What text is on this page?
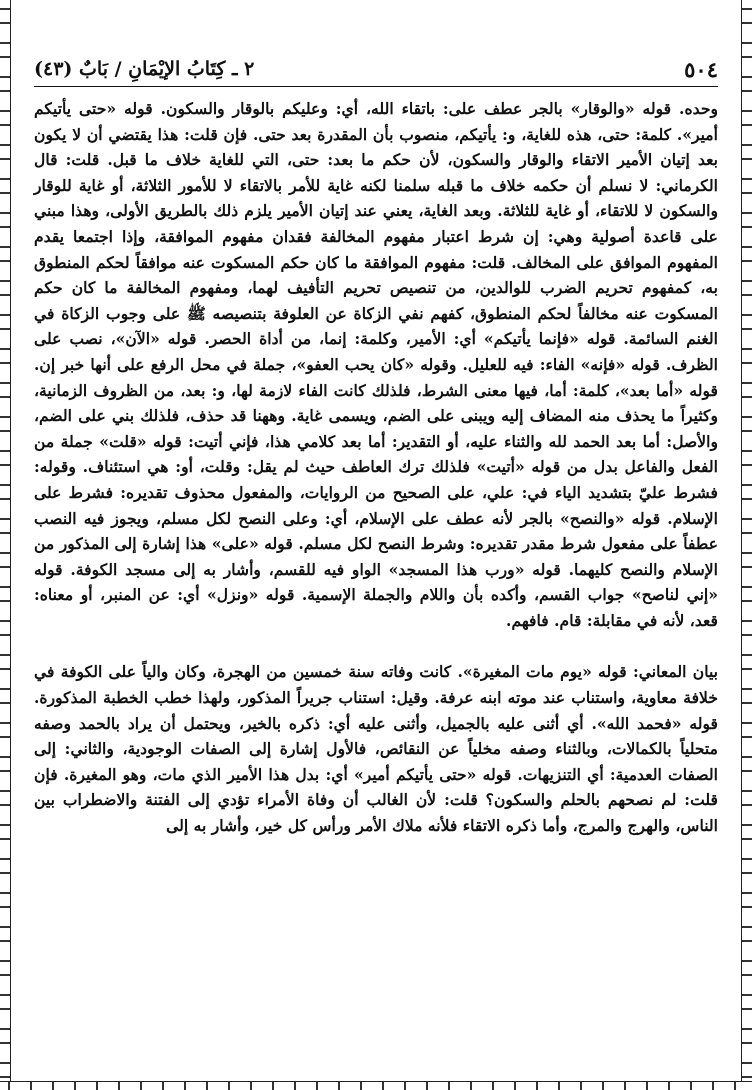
٥٠٤
٢ ـ كِتَابُ الإيْمَانِ / بَابٌ (٤٣)

وحده. قوله «والوقار» بالجر عطف على: باتقاء الله، أي: وعليكم بالوقار والسكون. قوله «حتى يأتيكم أمير». كلمة: حتى، هذه للغاية، و: يأتيكم، منصوب بأن المقدرة بعد حتى. فإن قلت: هذا يقتضي أن لا يكون بعد إتيان الأمير الاتقاء والوقار والسكون، لأن حكم ما بعد: حتى، التي للغاية خلاف ما قبل. قلت: قال الكرماني: لا نسلم أن حكمه خلاف ما قبله سلمنا لكنه غاية للأمر بالاتقاء لا للأمور الثلاثة، أو غاية للوقار والسكون لا للاتقاء، أو غاية للثلاثة. وبعد الغاية، يعني عند إتيان الأمير يلزم ذلك بالطريق الأولى، وهذا مبني على قاعدة أصولية وهي: إن شرط اعتبار مفهوم المخالفة فقدان مفهوم الموافقة، وإذا اجتمعا يقدم المفهوم الموافق على المخالف. قلت: مفهوم الموافقة ما كان حكم المسكوت عنه موافقاً لحكم المنطوق به، كمفهوم تحريم الضرب للوالدين، من تنصيص تحريم التأفيف لهما، ومفهوم المخالفة ما كان حكم المسكوت عنه مخالفاً لحكم المنطوق، كفهم نفي الزكاة عن العلوفة بتنصيصه ﷺ على وجوب الزكاة في الغنم السائمة. قوله «فإنما يأتيكم» أي: الأمير، وكلمة: إنما، من أداة الحصر. قوله «الآن»، نصب على الظرف. قوله «فإنه» الفاء: فيه للعليل. وقوله «كان يحب العفو»، جملة في محل الرفع على أنها خبر إن. قوله «أما بعد»، كلمة: أما، فيها معنى الشرط، فلذلك كانت الفاء لازمة لها، و: بعد، من الظروف الزمانية، وكثيراً ما يحذف منه المضاف إليه ويبنى على الضم، ويسمى غاية. وههنا قد حذف، فلذلك بني على الضم، والأصل: أما بعد الحمد لله والثناء عليه، أو التقدير: أما بعد كلامي هذا، فإني أتيت: قوله «قلت» جملة من الفعل والفاعل بدل من قوله «أتيت» فلذلك ترك العاطف حيث لم يقل: وقلت، أو: هي استئناف. وقوله: فشرط عليّ بتشديد الياء في: علي، على الصحيح من الروايات، والمفعول محذوف تقديره: فشرط على الإسلام. قوله «والنصح» بالجر لأنه عطف على الإسلام، أي: وعلى النصح لكل مسلم، ويجوز فيه النصب عطفاً على مفعول شرط مقدر تقديره: وشرط النصح لكل مسلم. قوله «على» هذا إشارة إلى المذكور من الإسلام والنصح كليهما. قوله «ورب هذا المسجد» الواو فيه للقسم، وأشار به إلى مسجد الكوفة. قوله «إني لناصح» جواب القسم، وأكده بأن واللام والجملة الإسمية. قوله «ونزل» أي: عن المنبر، أو معناه: قعد، لأنه في مقابلة: قام. فافهم.

بيان المعاني: قوله «يوم مات المغيرة». كانت وفاته سنة خمسين من الهجرة، وكان والياً على الكوفة في خلافة معاوية، واستناب عند موته ابنه عرفة. وقيل: استناب جريراً المذكور، ولهذا خطب الخطبة المذكورة. قوله «فحمد الله». أي أثنى عليه بالجميل، وأثنى عليه أي: ذكره بالخير، ويحتمل أن يراد بالحمد وصفه متحلياً بالكمالات، وبالثناء وصفه مخلياً عن النقائص، فالأول إشارة إلى الصفات الوجودية، والثاني: إلى الصفات العدمية: أي التنزيهات. قوله «حتى يأتيكم أمير» أي: بدل هذا الأمير الذي مات، وهو المغيرة. فإن قلت: لم نصحهم بالحلم والسكون؟ قلت: لأن الغالب أن وفاة الأمراء تؤدي إلى الفتنة والاضطراب بين الناس، والهرج والمرج، وأما ذكره الاتقاء فلأنه ملاك الأمر ورأس كل خير، وأشار به إلى
